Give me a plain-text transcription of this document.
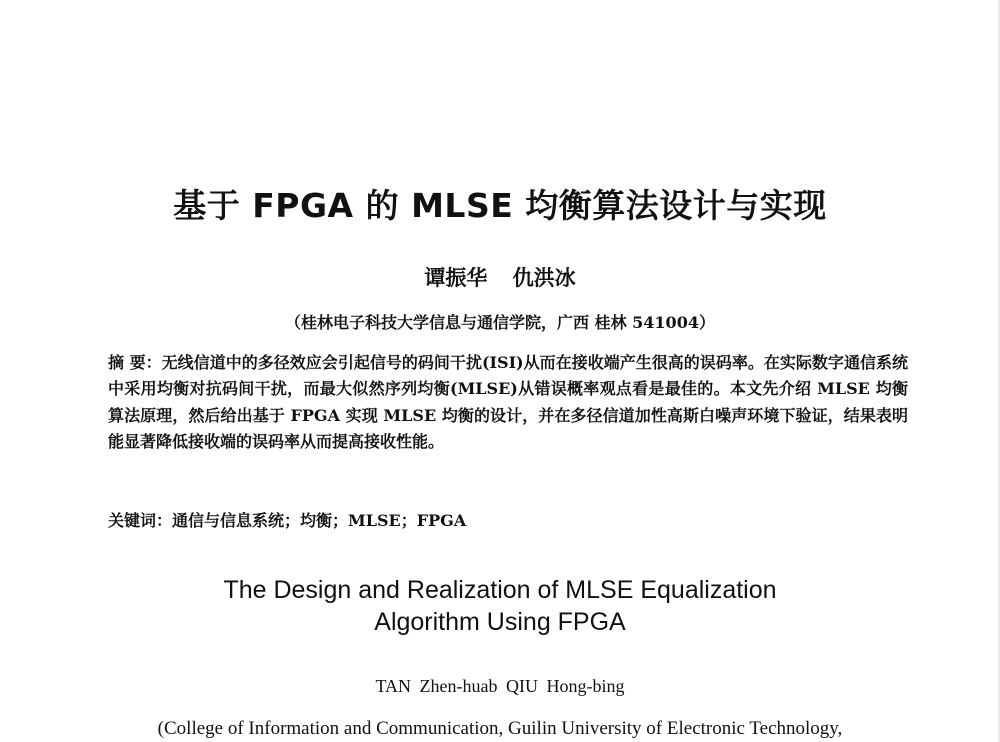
基于 FPGA 的 MLSE 均衡算法设计与实现
谭振华 仇洪冰
（桂林电子科技大学信息与通信学院，广西 桂林 541004）
摘 要：无线信道中的多径效应会引起信号的码间干扰(ISI)从而在接收端产生很高的误码率。在实际数字通信系统中采用均衡对抗码间干扰，而最大似然序列均衡(MLSE)从错误概率观点看是最佳的。本文先介绍 MLSE 均衡算法原理，然后给出基于 FPGA 实现 MLSE 均衡的设计，并在多径信道加性高斯白噪声环境下验证，结果表明能显著降低接收端的误码率从而提高接收性能。
关键词：通信与信息系统；均衡；MLSE；FPGA
The Design and Realization of MLSE Equalization
Algorithm Using FPGA
TAN Zhen-huab QIU Hong-bing
(College of Information and Communication, Guilin University of Electronic Technology,
